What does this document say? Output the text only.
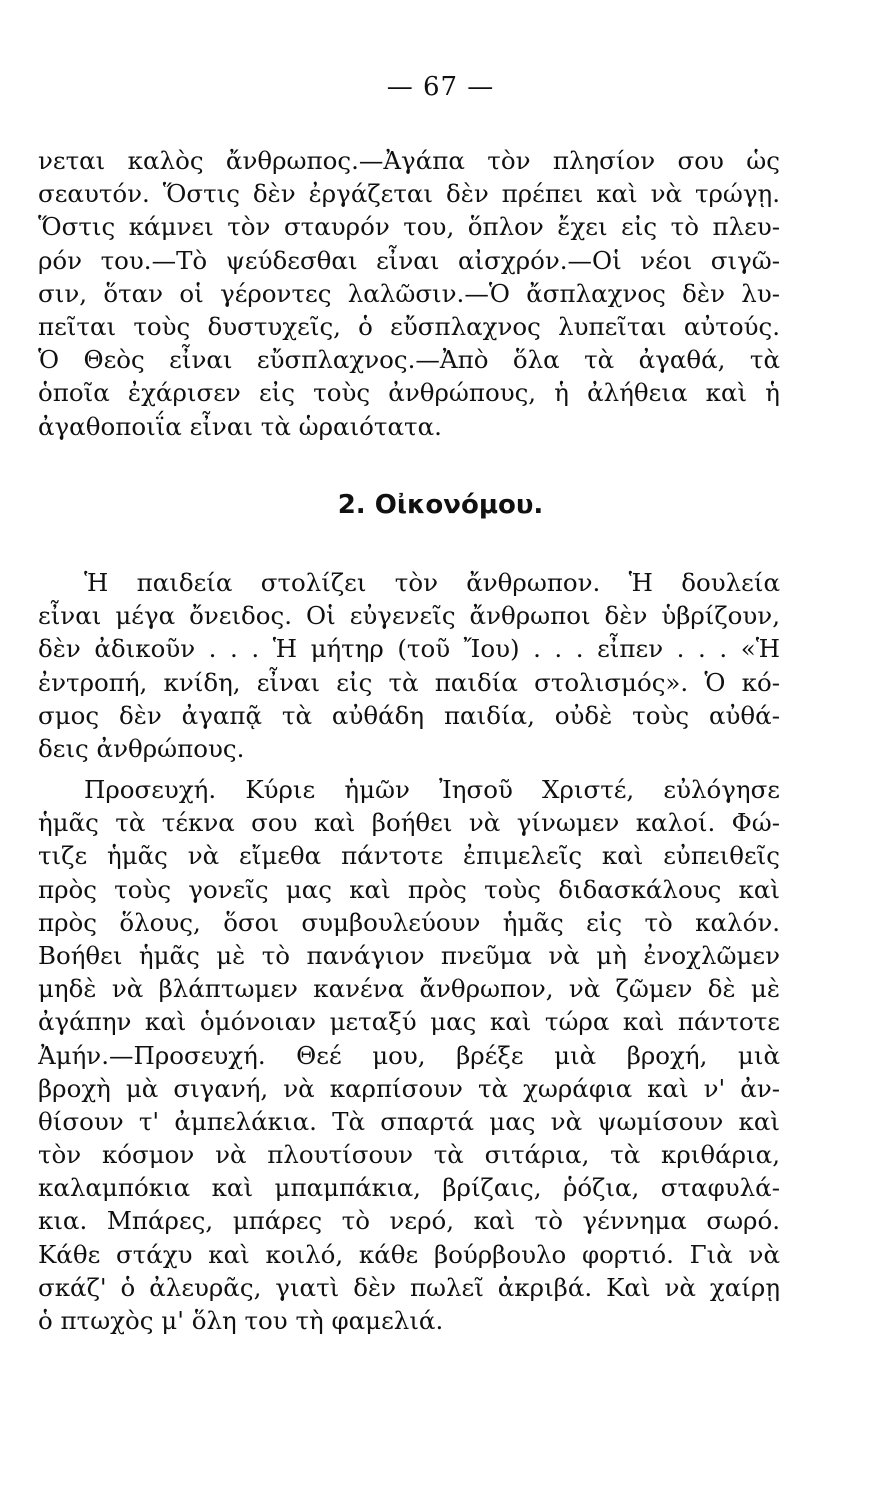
— 67 —
νεται καλὸς ἄνθρωπος.—Ἀγάπα τὸν πλησίον σου ὡς
σεαυτόν. Ὅστις δὲν ἐργάζεται δὲν πρέπει καὶ νὰ τρώγῃ.
Ὅστις κάμνει τὸν σταυρόν του, ὅπλον ἔχει εἰς τὸ πλευ-
ρόν του.—Τὸ ψεύδεσθαι εἶναι αἰσχρόν.—Οἱ νέοι σιγῶ-
σιν, ὅταν οἱ γέροντες λαλῶσιν.—Ὁ ἄσπλαχνος δὲν λυ-
πεῖται τοὺς δυστυχεῖς, ὁ εὔσπλαχνος λυπεῖται αὐτούς.
Ὁ Θεὸς εἶναι εὔσπλαχνος.—Ἀπὸ ὅλα τὰ ἀγαθά, τὰ
ὁποῖα ἐχάρισεν εἰς τοὺς ἀνθρώπους, ἡ ἀλήθεια καὶ ἡ
ἀγαθοποιΐα εἶναι τὰ ὡραιότατα.
2. Οἰκονόμου.
Ἡ παιδεία στολίζει τὸν ἄνθρωπον. Ἡ δουλεία
εἶναι μέγα ὄνειδος. Οἱ εὐγενεῖς ἄνθρωποι δὲν ὑβρίζουν,
δὲν ἀδικοῦν . . . Ἡ μήτηρ (τοῦ Ἴου) . . . εἶπεν . . . «Ἡ
ἐντροπή, κνίδη, εἶναι εἰς τὰ παιδία στολισμός». Ὁ κό-
σμος δὲν ἀγαπᾷ τὰ αὐθάδη παιδία, οὐδὲ τοὺς αὐθά-
δεις ἀνθρώπους.
Προσευχή. Κύριε ἡμῶν Ἰησοῦ Χριστέ, εὐλόγησε
ἡμᾶς τὰ τέκνα σου καὶ βοήθει νὰ γίνωμεν καλοί. Φώ-
τιζε ἡμᾶς νὰ εἴμεθα πάντοτε ἐπιμελεῖς καὶ εὐπειθεῖς
πρὸς τοὺς γονεῖς μας καὶ πρὸς τοὺς διδασκάλους καὶ
πρὸς ὅλους, ὅσοι συμβουλεύουν ἡμᾶς εἰς τὸ καλόν.
Βοήθει ἡμᾶς μὲ τὸ πανάγιον πνεῦμα νὰ μὴ ἐνοχλῶμεν
μηδὲ νὰ βλάπτωμεν κανένα ἄνθρωπον, νὰ ζῶμεν δὲ μὲ
ἀγάπην καὶ ὁμόνοιαν μεταξύ μας καὶ τώρα καὶ πάντοτε
Ἀμήν.—Προσευχή. Θεέ μου, βρέξε μιὰ βροχή, μιὰ
βροχὴ μὰ σιγανή, νὰ καρπίσουν τὰ χωράφια καὶ ν' ἀν-
θίσουν τ' ἀμπελάκια. Τὰ σπαρτά μας νὰ ψωμίσουν καὶ
τὸν κόσμον νὰ πλουτίσουν τὰ σιτάρια, τὰ κριθάρια,
καλαμπόκια καὶ μπαμπάκια, βρίζαις, ῥόζια, σταφυλά-
κια. Μπάρες, μπάρες τὸ νερό, καὶ τὸ γέννημα σωρό.
Κάθε στάχυ καὶ κοιλό, κάθε βούρβουλο φορτιό. Γιὰ νὰ
σκάζ' ὁ ἀλευρᾶς, γιατὶ δὲν πωλεῖ ἀκριβά. Καὶ νὰ χαίρῃ
ὁ πτωχὸς μ' ὅλη του τὴ φαμελιά.
